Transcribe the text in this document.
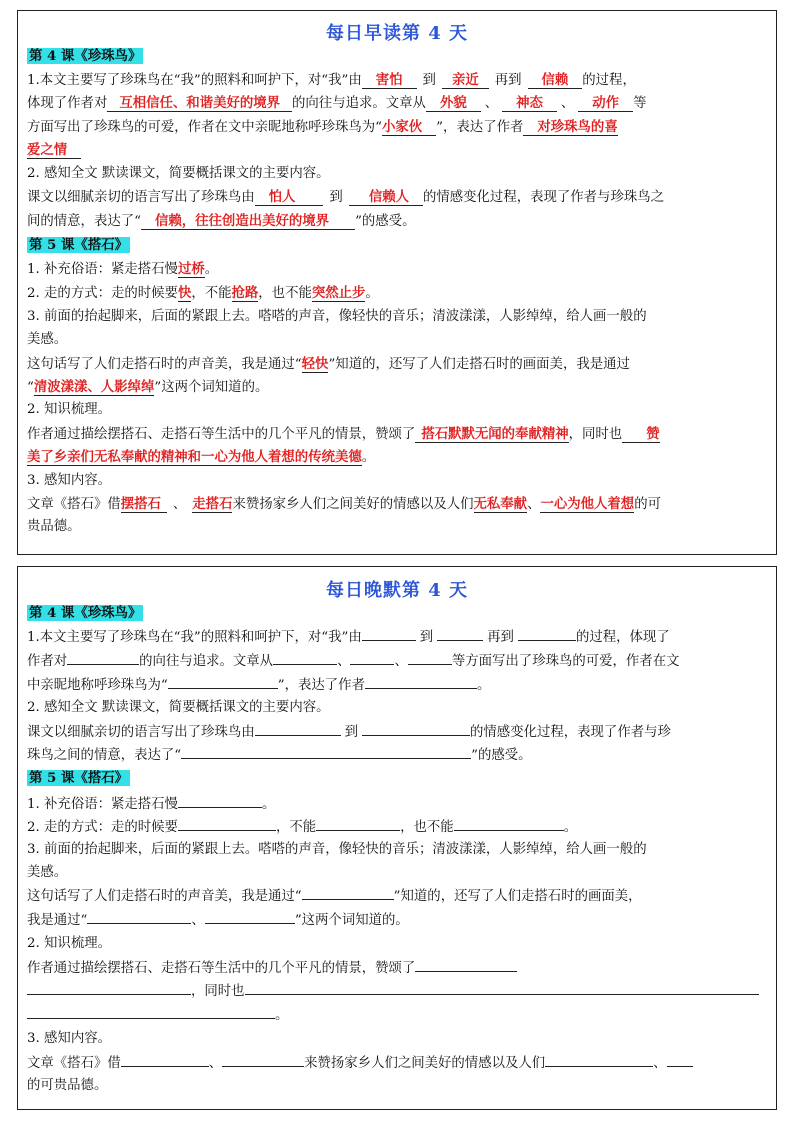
每日早读第 4 天
第 4 课《珍珠鸟》
1.本文主要写了珍珠鸟在“我”的照料和呵护下，对“我”由 害怕 到 亲近 再到 信赖 的过程，
体现了作者对 互相信任、和谐美好的境界 的向往与追求。文章从 外貌 、 神态 、 动作 等
方面写出了珍珠鸟的可爱，作者在文中亲昵地称呼珍珠鸟为“小家伙 ”，表达了作者 对珍珠鸟的喜
爱之情
2. 感知全文 默读课文，简要概括课文的主要内容。
课文以细腻亲切的语言写出了珍珠鸟由 怕人	到 信赖人 的情感变化过程，表现了作者与珍珠鸟之
间的情意，表达了“ 信赖，往往创造出美好的境界 ”的感受。
第 5 课《搭石》
1. 补充俗语：紧走搭石慢过桥。
2. 走的方式：走的时候要快，不能抢路，也不能突然止步。
3. 前面的抬起脚来，后面的紧跟上去。嗒嗒的声音，像轻快的音乐；清波漾漾，人影绰绰，给人画一般的
美感。
这句话写了人们走搭石时的声音美，我是通过“轻快”知道的，还写了人们走搭石时的画面美，我是通过
“清波漾漾、人影绰绰”这两个词知道的。
2. 知识梳理。
作者通过描绘摆搭石、走搭石等生活中的几个平凡的情景，赞颂了 搭石默默无闻的奉献精神，同时也 赞
美了乡亲们无私奉献的精神和一心为他人着想的传统美德。
3. 感知内容。
文章《搭石》借摆搭石 、 走搭石来赞扬家乡人们之间美好的情感以及人们无私奉献、一心为他人着想的可
贵品德。
每日晚默第 4 天
第 4 课《珍珠鸟》
1.本文主要写了珍珠鸟在“我”的照料和呵护下，对“我”由	到	再到	的过程，体现了
作者对	的向往与追求。文章从	、	、	等方面写出了珍珠鸟的可爱，作者在文
中亲昵地称呼珍珠鸟为“	”，表达了作者	。
2. 感知全文 默读课文，简要概括课文的主要内容。
课文以细腻亲切的语言写出了珍珠鸟由	到	的情感变化过程，表现了作者与珍
珠鸟之间的情意，表达了“	”的感受。
第 5 课《搭石》
1. 补充俗语：紧走搭石慢	。
2. 走的方式：走的时候要	，不能	，也不能	。
3. 前面的抬起脚来，后面的紧跟上去。嗒嗒的声音，像轻快的音乐；清波漾漾，人影绰绰，给人画一般的
美感。
这句话写了人们走搭石时的声音美，我是通过“	”知道的，还写了人们走搭石时的画面美，
我是通过“	、	”这两个词知道的。
2. 知识梳理。
作者通过描绘摆搭石、走搭石等生活中的几个平凡的情景，赞颂了
，同时也
。
3. 感知内容。
文章《搭石》借	、	来赞扬家乡人们之间美好的情感以及人们	、
的可贵品德。
